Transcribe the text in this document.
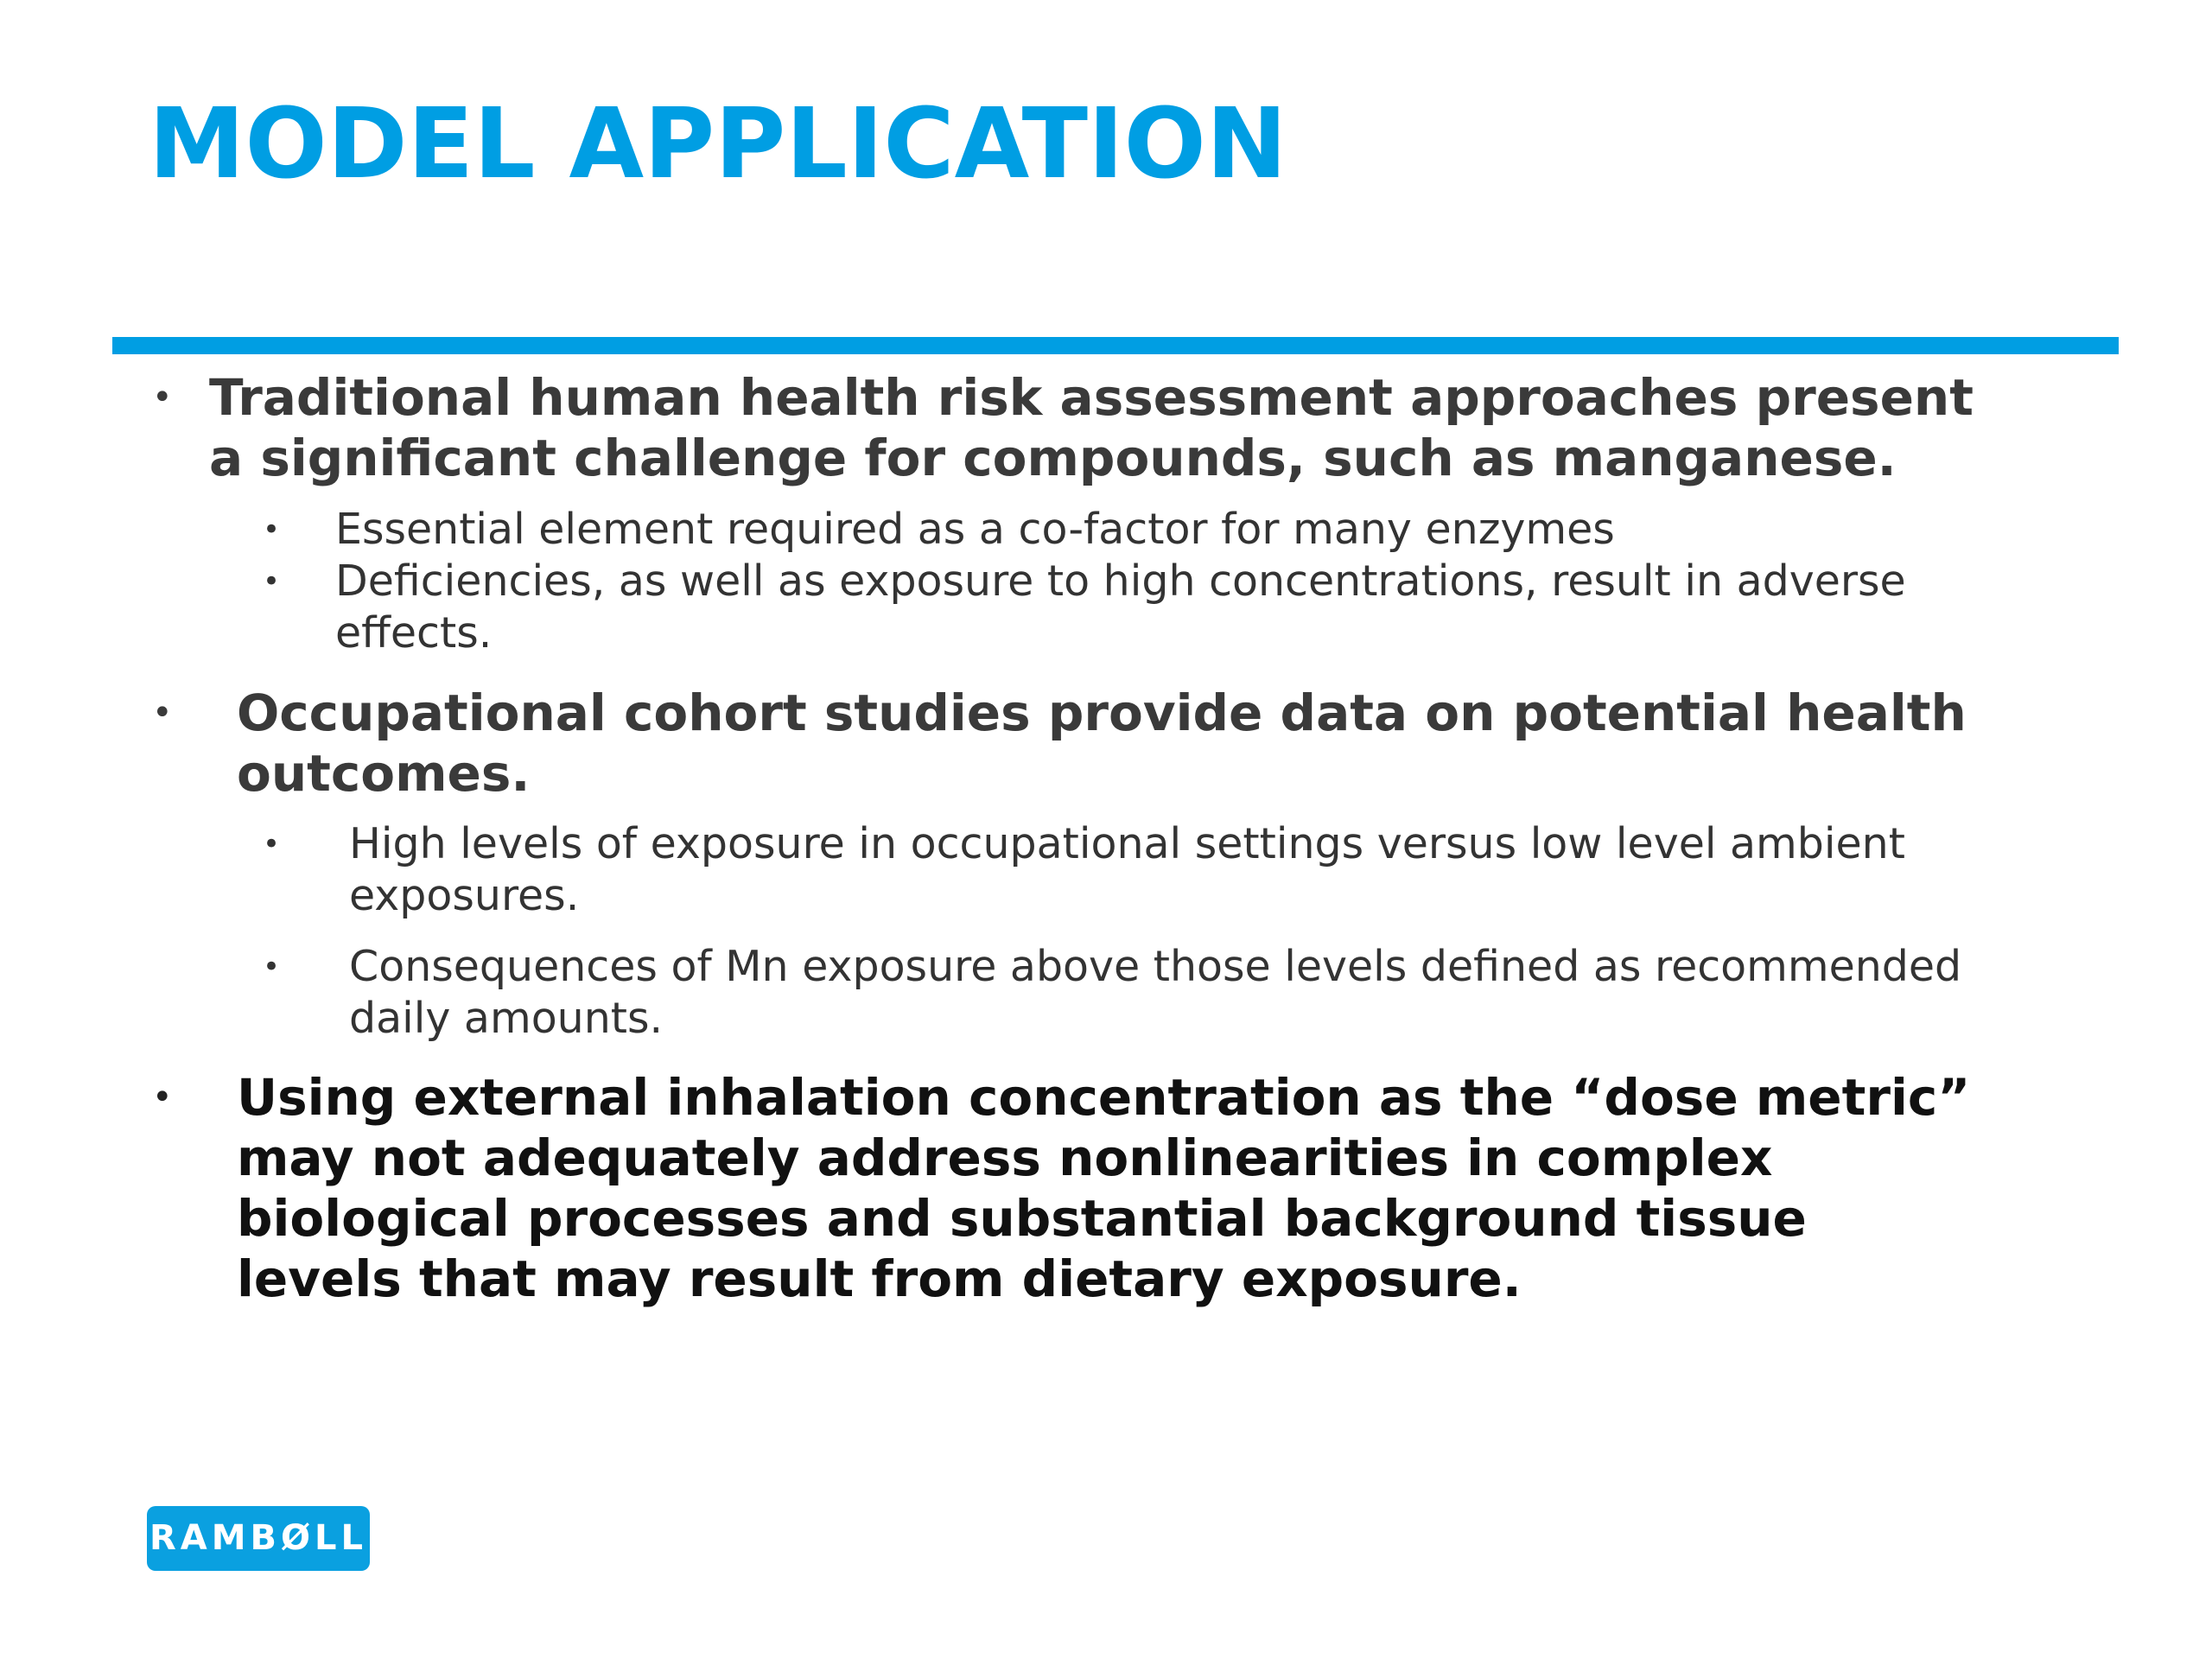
MODEL APPLICATION
• Traditional human health risk assessment approaches present a significant challenge for compounds, such as manganese.
•	Essential element required as a co-factor for many enzymes
•	Deficiencies, as well as exposure to high concentrations, result in adverse effects.
•	Occupational cohort studies provide data on potential health outcomes.
•	High levels of exposure in occupational settings versus low level ambient exposures.
•	Consequences of Mn exposure above those levels defined as recommended daily amounts.
•	Using external inhalation concentration as the “dose metric” may not adequately address nonlinearities in complex biological processes and substantial background tissue levels that may result from dietary exposure.
RAMBØLL
